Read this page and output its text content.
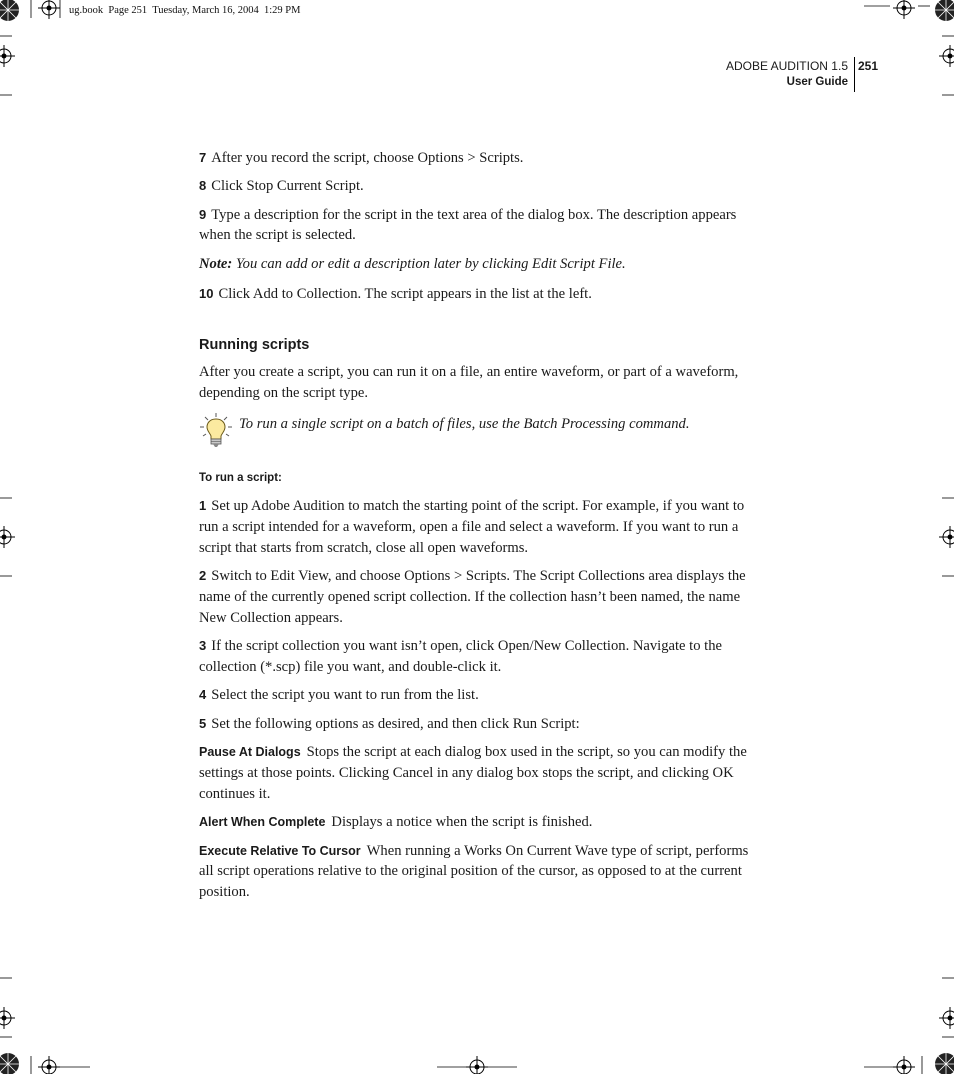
ug.book  Page 251  Tuesday, March 16, 2004  1:29 PM
ADOBE AUDITION 1.5
User Guide
251

7 After you record the script, choose Options > Scripts.

8 Click Stop Current Script.

9 Type a description for the script in the text area of the dialog box. The description appears when the script is selected.

Note: You can add or edit a description later by clicking Edit Script File.

10 Click Add to Collection. The script appears in the list at the left.

Running scripts

After you create a script, you can run it on a file, an entire waveform, or part of a waveform, depending on the script type.

To run a single script on a batch of files, use the Batch Processing command.
To run a script:

1 Set up Adobe Audition to match the starting point of the script. For example, if you want to run a script intended for a waveform, open a file and select a waveform. If you want to run a script that starts from scratch, close all open waveforms.

2 Switch to Edit View, and choose Options > Scripts. The Script Collections area displays the name of the currently opened script collection. If the collection hasn’t been named, the name New Collection appears.

3 If the script collection you want isn’t open, click Open/New Collection. Navigate to the collection (*.scp) file you want, and double-click it.

4 Select the script you want to run from the list.

5 Set the following options as desired, and then click Run Script:

Pause At Dialogs Stops the script at each dialog box used in the script, so you can modify the settings at those points. Clicking Cancel in any dialog box stops the script, and clicking OK continues it.

Alert When Complete Displays a notice when the script is finished.

Execute Relative To Cursor When running a Works On Current Wave type of script, performs all script operations relative to the original position of the cursor, as opposed to at the current position.
